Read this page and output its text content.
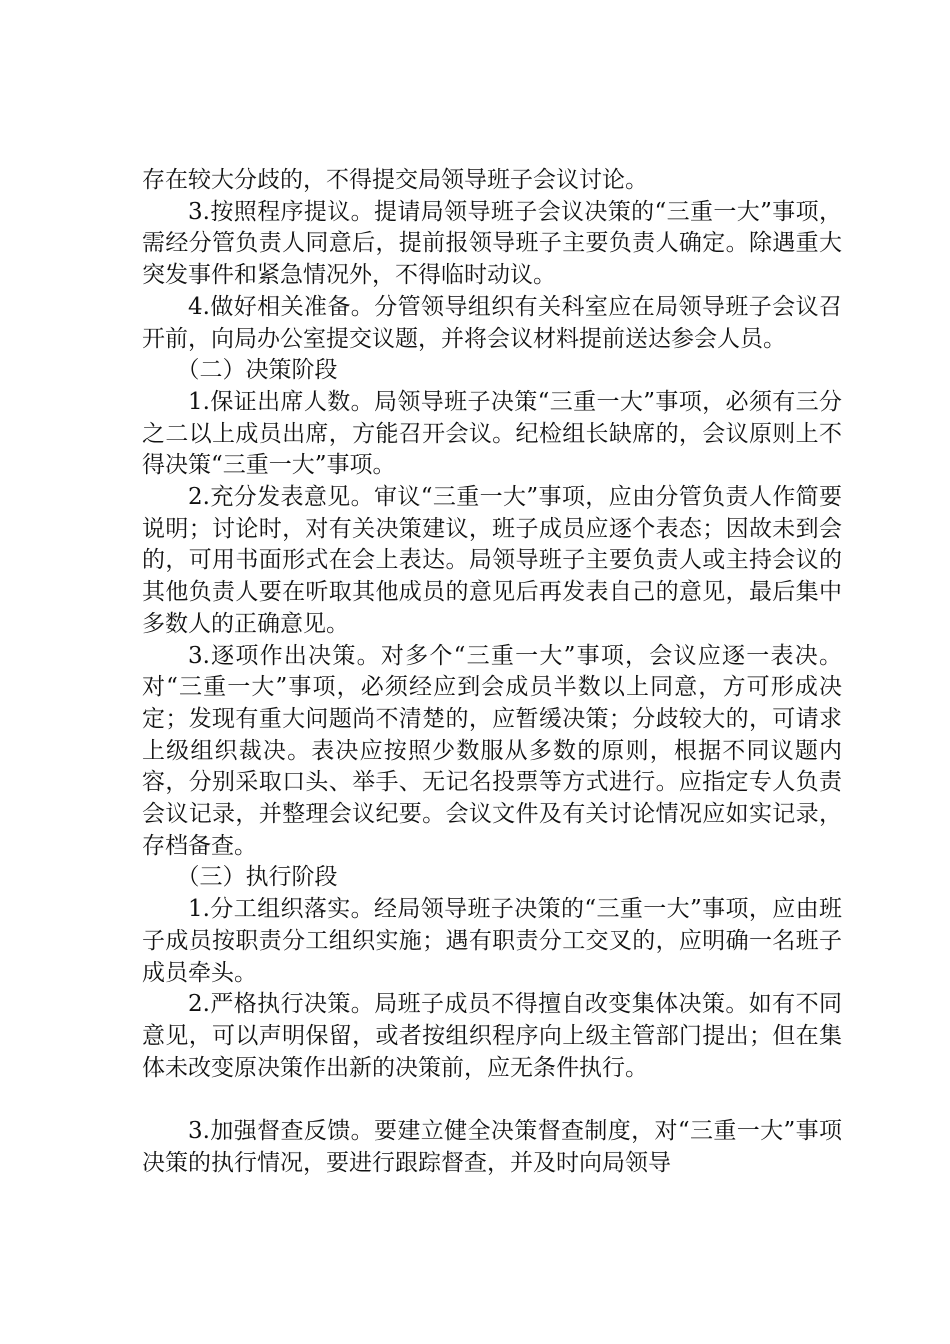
存在较大分歧的，不得提交局领导班子会议讨论。

3.按照程序提议。提请局领导班子会议决策的“三重一大”事项，需经分管负责人同意后，提前报领导班子主要负责人确定。除遇重大突发事件和紧急情况外，不得临时动议。

4.做好相关准备。分管领导组织有关科室应在局领导班子会议召开前，向局办公室提交议题，并将会议材料提前送达参会人员。

（二）决策阶段

1.保证出席人数。局领导班子决策“三重一大”事项，必须有三分之二以上成员出席，方能召开会议。纪检组长缺席的，会议原则上不得决策“三重一大”事项。

2.充分发表意见。审议“三重一大”事项，应由分管负责人作简要说明；讨论时，对有关决策建议，班子成员应逐个表态；因故未到会的，可用书面形式在会上表达。局领导班子主要负责人或主持会议的其他负责人要在听取其他成员的意见后再发表自己的意见，最后集中多数人的正确意见。

3.逐项作出决策。对多个“三重一大”事项，会议应逐一表决。对“三重一大”事项，必须经应到会成员半数以上同意，方可形成决定；发现有重大问题尚不清楚的，应暂缓决策；分歧较大的，可请求上级组织裁决。表决应按照少数服从多数的原则，根据不同议题内容，分别采取口头、举手、无记名投票等方式进行。应指定专人负责会议记录，并整理会议纪要。会议文件及有关讨论情况应如实记录，存档备查。

（三）执行阶段

1.分工组织落实。经局领导班子决策的“三重一大”事项，应由班子成员按职责分工组织实施；遇有职责分工交叉的，应明确一名班子成员牵头。

2.严格执行决策。局班子成员不得擅自改变集体决策。如有不同意见，可以声明保留，或者按组织程序向上级主管部门提出；但在集体未改变原决策作出新的决策前，应无条件执行。

3.加强督查反馈。要建立健全决策督查制度，对“三重一大”事项决策的执行情况，要进行跟踪督查，并及时向局领导
